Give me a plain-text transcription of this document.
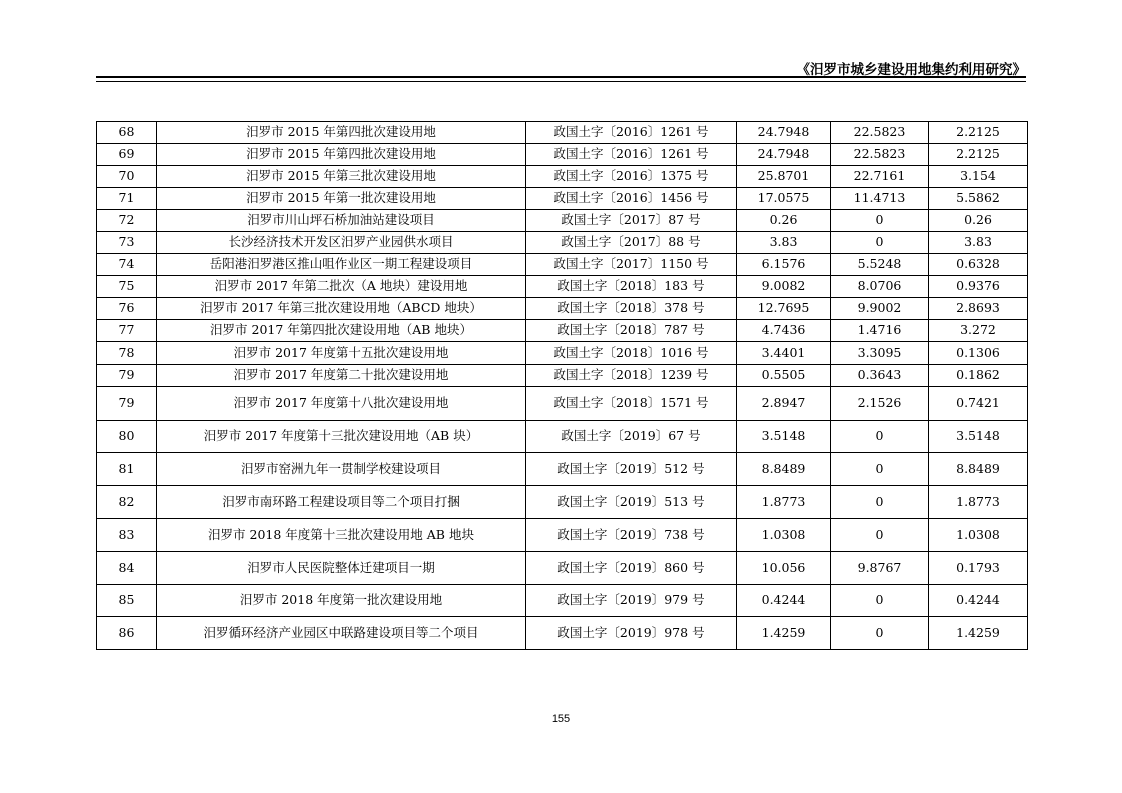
《汨罗市城乡建设用地集约利用研究》
68	汨罗市 2015 年第四批次建设用地	政国土字〔2016〕1261 号	24.7948	22.5823	2.2125
69	汨罗市 2015 年第四批次建设用地	政国土字〔2016〕1261 号	24.7948	22.5823	2.2125
70	汨罗市 2015 年第三批次建设用地	政国土字〔2016〕1375 号	25.8701	22.7161	3.154
71	汨罗市 2015 年第一批次建设用地	政国土字〔2016〕1456 号	17.0575	11.4713	5.5862
72	汨罗市川山坪石桥加油站建设项目	政国土字〔2017〕87 号	0.26	0	0.26
73	长沙经济技术开发区汨罗产业园供水项目	政国土字〔2017〕88 号	3.83	0	3.83
74	岳阳港汨罗港区推山咀作业区一期工程建设项目	政国土字〔2017〕1150 号	6.1576	5.5248	0.6328
75	汨罗市 2017 年第二批次（A 地块）建设用地	政国土字〔2018〕183 号	9.0082	8.0706	0.9376
76	汨罗市 2017 年第三批次建设用地（ABCD 地块）	政国土字〔2018〕378 号	12.7695	9.9002	2.8693
77	汨罗市 2017 年第四批次建设用地（AB 地块）	政国土字〔2018〕787 号	4.7436	1.4716	3.272
78	汨罗市 2017 年度第十五批次建设用地	政国土字〔2018〕1016 号	3.4401	3.3095	0.1306
79	汨罗市 2017 年度第二十批次建设用地	政国土字〔2018〕1239 号	0.5505	0.3643	0.1862
79	汨罗市 2017 年度第十八批次建设用地	政国土字〔2018〕1571 号	2.8947	2.1526	0.7421
80	汨罗市 2017 年度第十三批次建设用地（AB 块）	政国土字〔2019〕67 号	3.5148	0	3.5148
81	汨罗市窑洲九年一贯制学校建设项目	政国土字〔2019〕512 号	8.8489	0	8.8489
82	汨罗市南环路工程建设项目等二个项目打捆	政国土字〔2019〕513 号	1.8773	0	1.8773
83	汨罗市 2018 年度第十三批次建设用地 AB 地块	政国土字〔2019〕738 号	1.0308	0	1.0308
84	汨罗市人民医院整体迁建项目一期	政国土字〔2019〕860 号	10.056	9.8767	0.1793
85	汨罗市 2018 年度第一批次建设用地	政国土字〔2019〕979 号	0.4244	0	0.4244
86	汨罗循环经济产业园区中联路建设项目等二个项目	政国土字〔2019〕978 号	1.4259	0	1.4259
155
